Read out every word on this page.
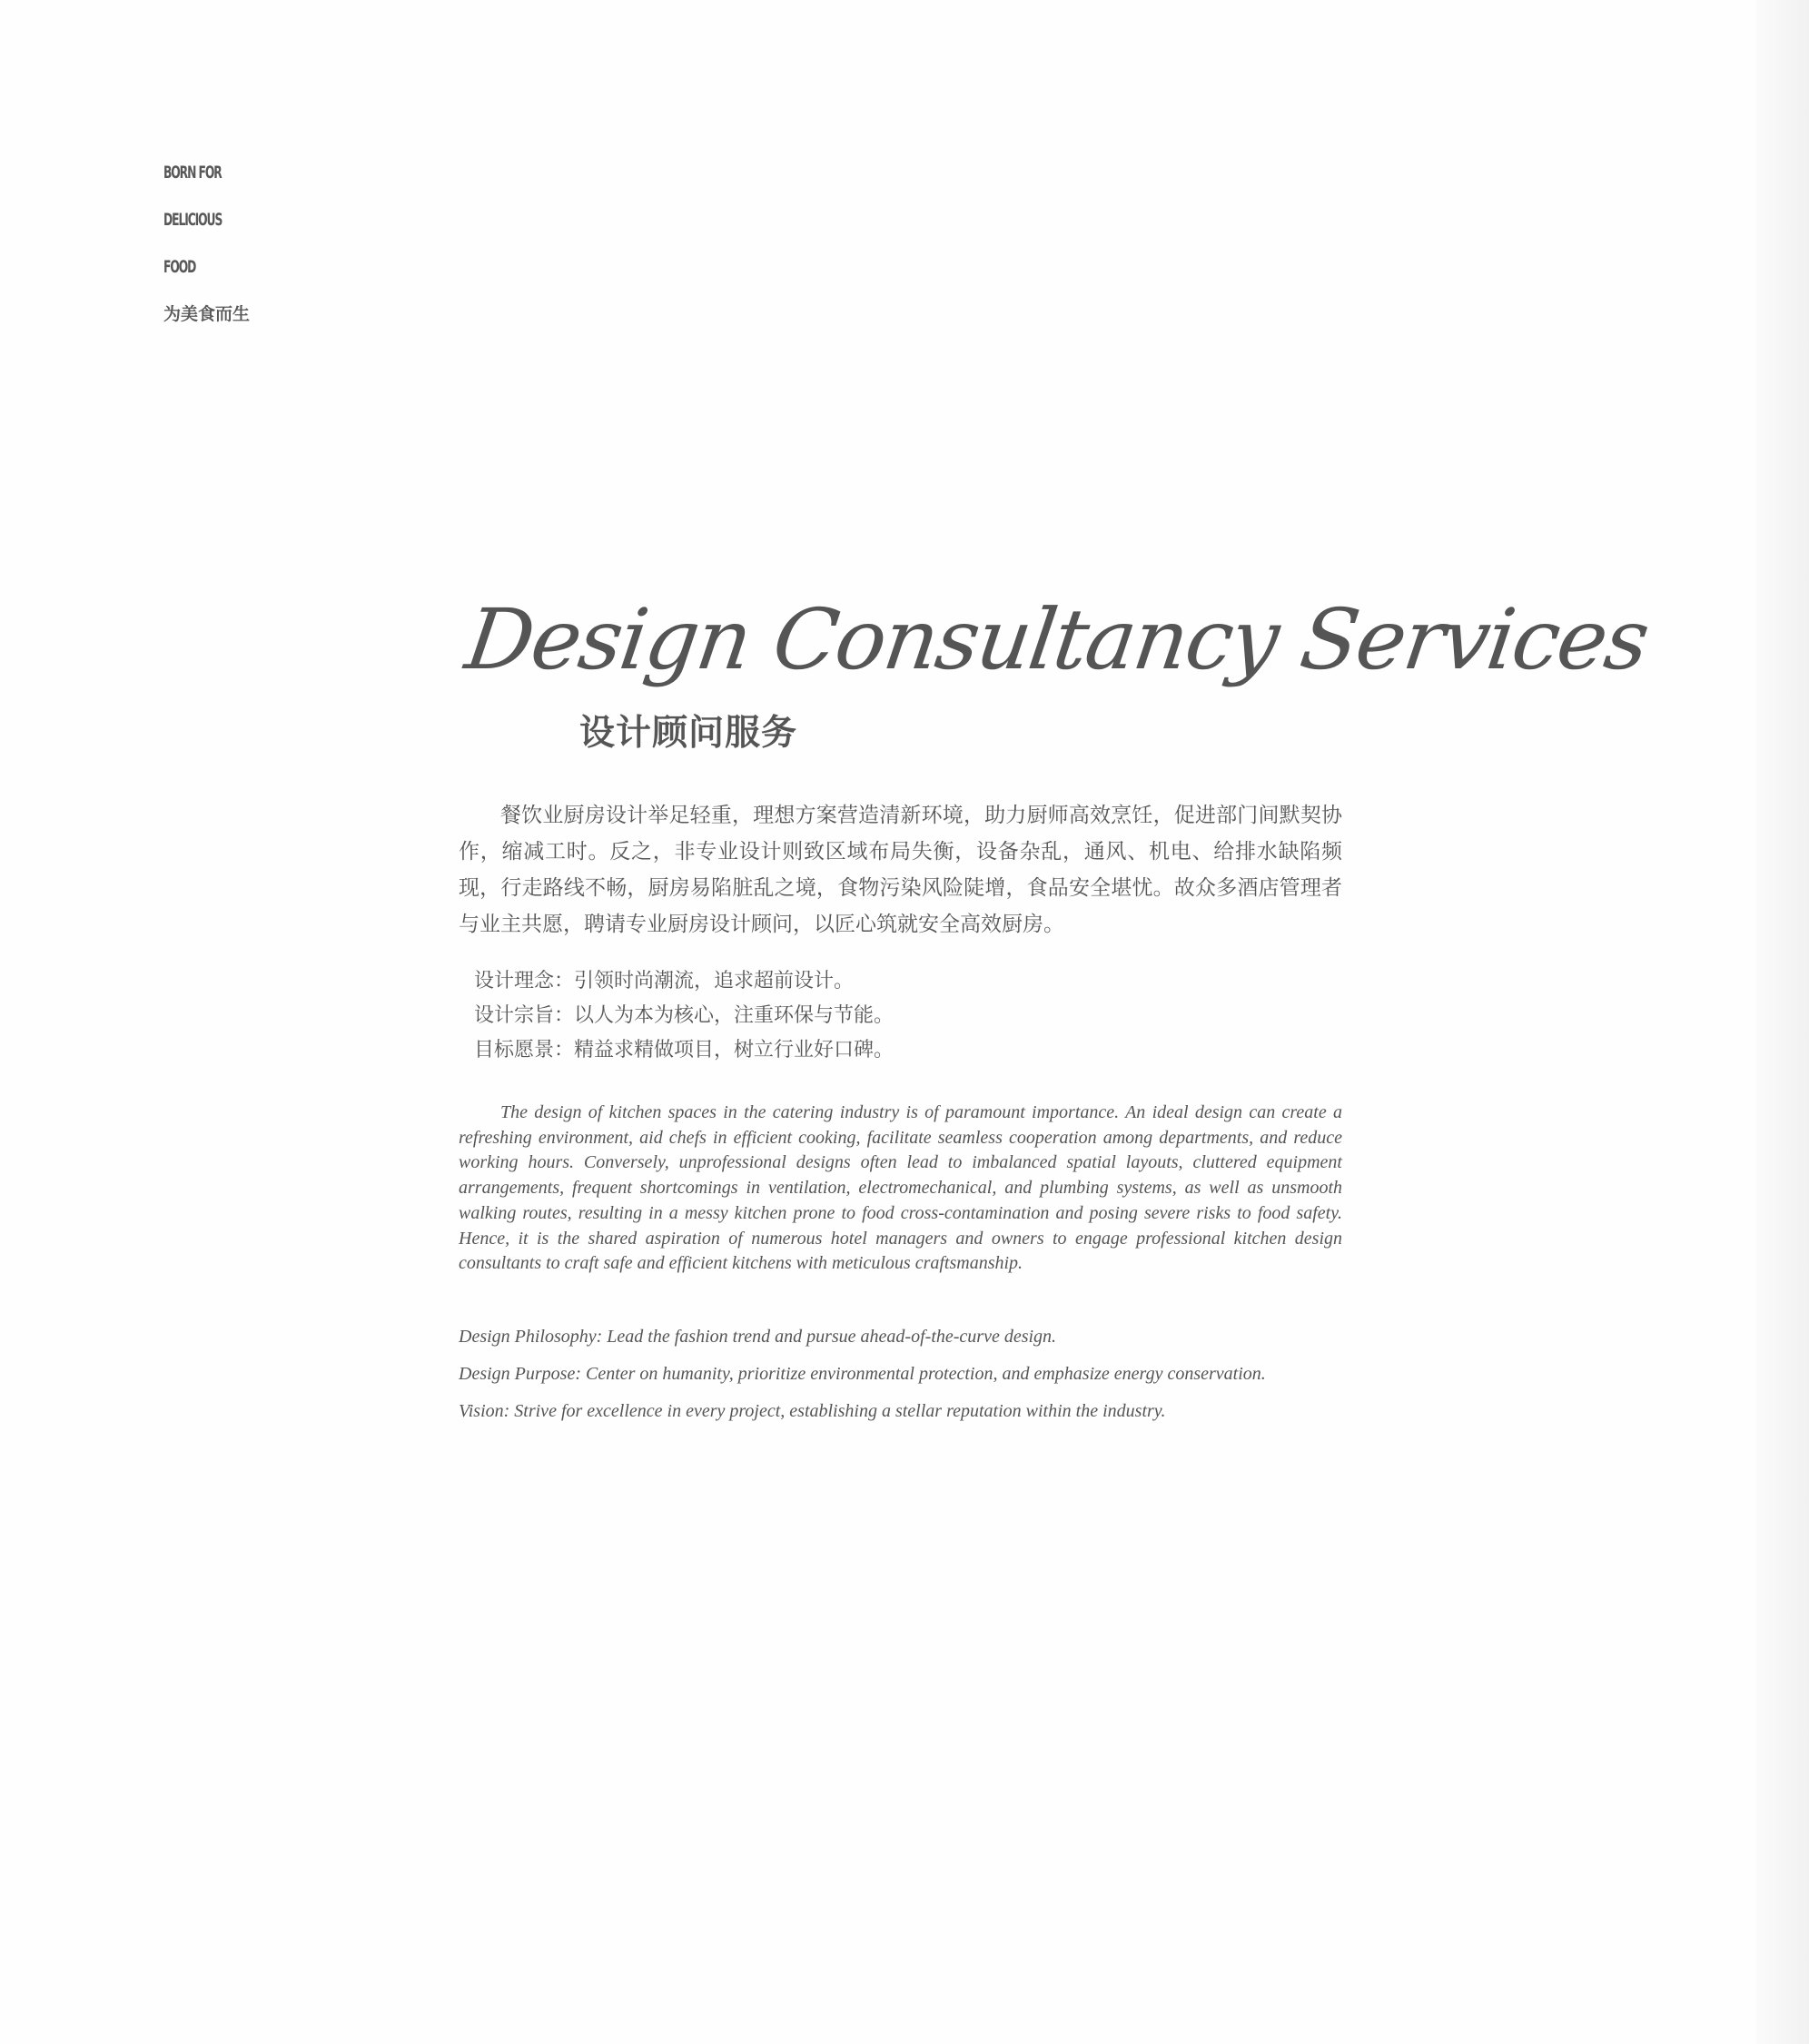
BORN FOR
DELICIOUS
FOOD
为美食而生
Design Consultancy Services
设计顾问服务
餐饮业厨房设计举足轻重，理想方案营造清新环境，助力厨师高效烹饪，促进部门间默契协作，缩减工时。反之，非专业设计则致区域布局失衡，设备杂乱，通风、机电、给排水缺陷频现，行走路线不畅，厨房易陷脏乱之境，食物污染风险陡增，食品安全堪忧。故众多酒店管理者与业主共愿，聘请专业厨房设计顾问，以匠心筑就安全高效厨房。
设计理念：引领时尚潮流，追求超前设计。
设计宗旨：以人为本为核心，注重环保与节能。
目标愿景：精益求精做项目，树立行业好口碑。
The design of kitchen spaces in the catering industry is of paramount importance. An ideal design can create a refreshing environment, aid chefs in efficient cooking, facilitate seamless cooperation among departments, and reduce working hours. Conversely, unprofessional designs often lead to imbalanced spatial layouts, cluttered equipment arrangements, frequent shortcomings in ventilation, electromechanical, and plumbing systems, as well as unsmooth walking routes, resulting in a messy kitchen prone to food cross-contamination and posing severe risks to food safety. Hence, it is the shared aspiration of numerous hotel managers and owners to engage professional kitchen design consultants to craft safe and efficient kitchens with meticulous craftsmanship.
Design Philosophy: Lead the fashion trend and pursue ahead-of-the-curve design.
Design Purpose: Center on humanity, prioritize environmental protection, and emphasize energy conservation.
Vision: Strive for excellence in every project, establishing a stellar reputation within the industry.
